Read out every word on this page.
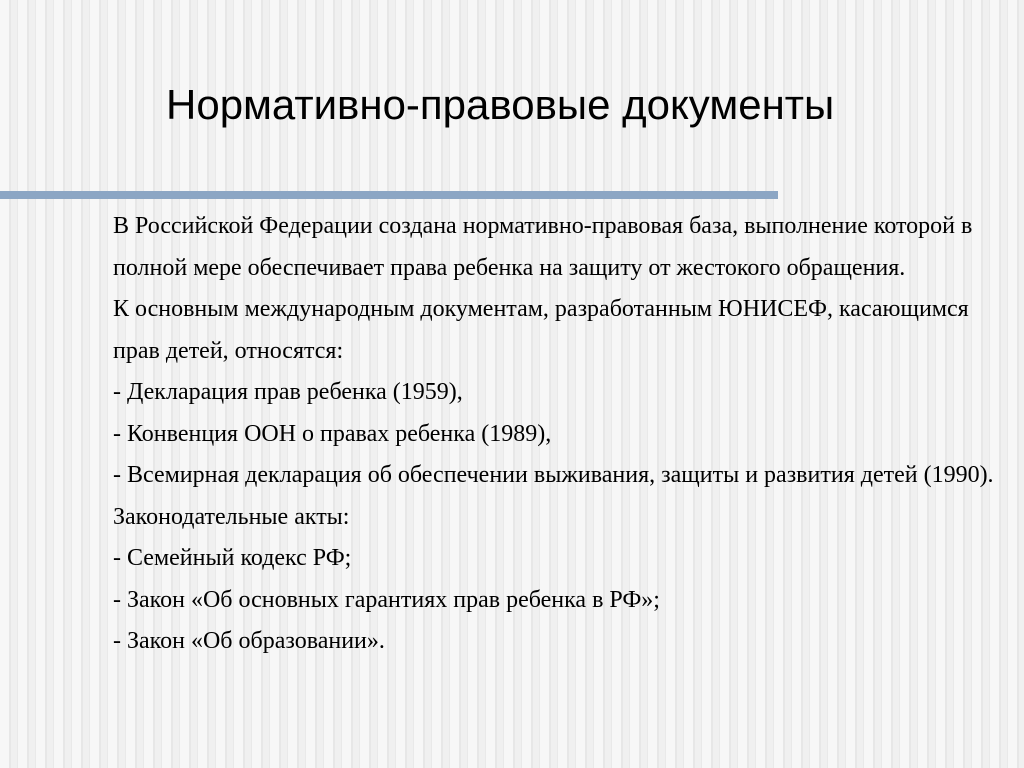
Нормативно-правовые документы

В Российской Федерации создана нормативно-правовая база, выполнение которой в полной мере обеспечивает права ребенка на защиту от жестокого обращения.

К основным международным документам, разработанным ЮНИСЕФ, касающимся прав детей, относятся:

- Декларация прав ребенка (1959),

- Конвенция ООН о правах ребенка (1989),

- Всемирная декларация об обеспечении выживания, защиты и развития детей (1990).

Законодательные акты:

- Семейный кодекс РФ;

- Закон «Об основных гарантиях прав ребенка в РФ»;

- Закон «Об образовании».
